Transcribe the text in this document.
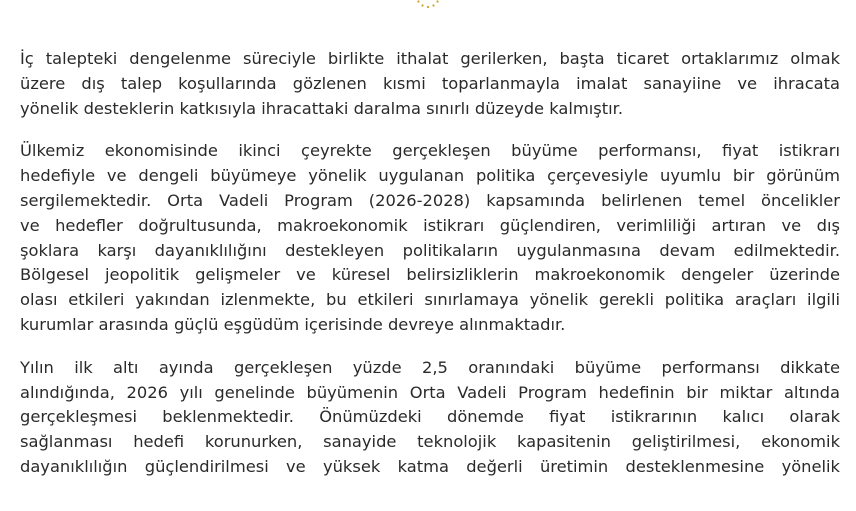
İç talepteki dengelenme süreciyle birlikte ithalat gerilerken, başta ticaret ortaklarımız olmak
üzere dış talep koşullarında gözlenen kısmi toparlanmayla imalat sanayiine ve ihracata
yönelik desteklerin katkısıyla ihracattaki daralma sınırlı düzeyde kalmıştır.

Ülkemiz ekonomisinde ikinci çeyrekte gerçekleşen büyüme performansı, fiyat istikrarı
hedefiyle ve dengeli büyümeye yönelik uygulanan politika çerçevesiyle uyumlu bir görünüm
sergilemektedir. Orta Vadeli Program (2026-2028) kapsamında belirlenen temel öncelikler
ve hedefler doğrultusunda, makroekonomik istikrarı güçlendiren, verimliliği artıran ve dış
şoklara karşı dayanıklılığını destekleyen politikaların uygulanmasına devam edilmektedir.
Bölgesel jeopolitik gelişmeler ve küresel belirsizliklerin makroekonomik dengeler üzerinde
olası etkileri yakından izlenmekte, bu etkileri sınırlamaya yönelik gerekli politika araçları ilgili
kurumlar arasında güçlü eşgüdüm içerisinde devreye alınmaktadır.

Yılın ilk altı ayında gerçekleşen yüzde 2,5 oranındaki büyüme performansı dikkate
alındığında, 2026 yılı genelinde büyümenin Orta Vadeli Program hedefinin bir miktar altında
gerçekleşmesi beklenmektedir. Önümüzdeki dönemde fiyat istikrarının kalıcı olarak
sağlanması hedefi korunurken, sanayide teknolojik kapasitenin geliştirilmesi, ekonomik
dayanıklılığın güçlendirilmesi ve yüksek katma değerli üretimin desteklenmesine yönelik
